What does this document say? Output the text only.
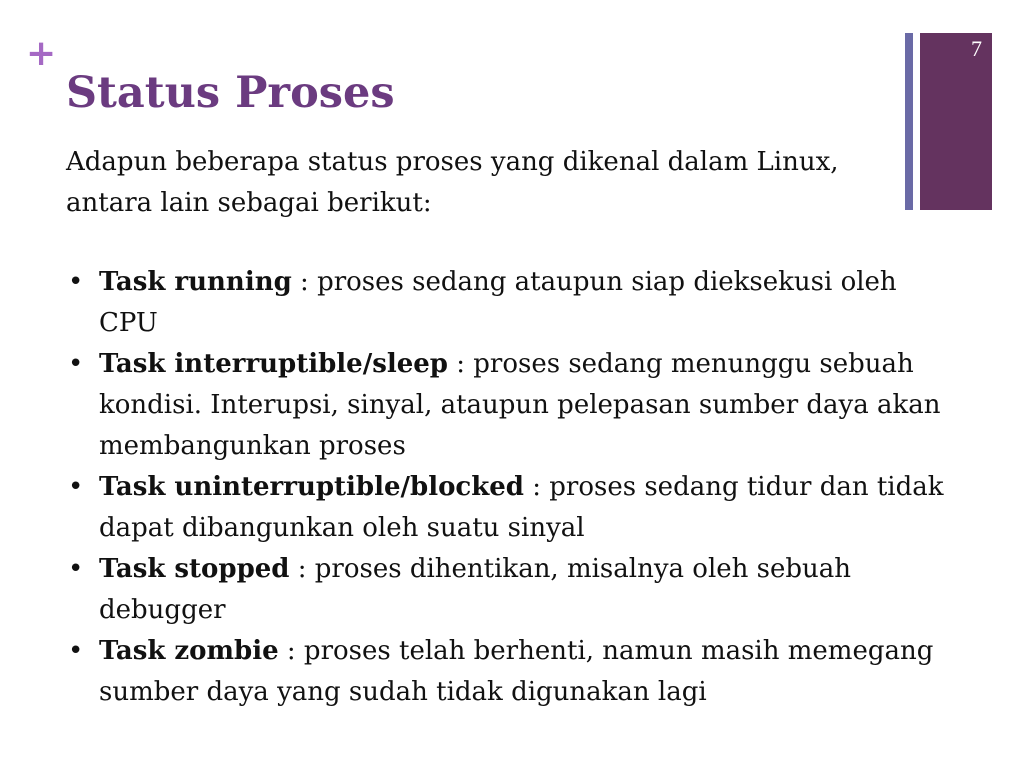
+
Status Proses
7

Adapun beberapa status proses yang dikenal dalam Linux, antara lain sebagai berikut:

• Task running : proses sedang ataupun siap dieksekusi oleh CPU
• Task interruptible/sleep : proses sedang menunggu sebuah kondisi. Interupsi, sinyal, ataupun pelepasan sumber daya akan membangunkan proses
• Task uninterruptible/blocked : proses sedang tidur dan tidak dapat dibangunkan oleh suatu sinyal
• Task stopped : proses dihentikan, misalnya oleh sebuah debugger
• Task zombie : proses telah berhenti, namun masih memegang sumber daya yang sudah tidak digunakan lagi
